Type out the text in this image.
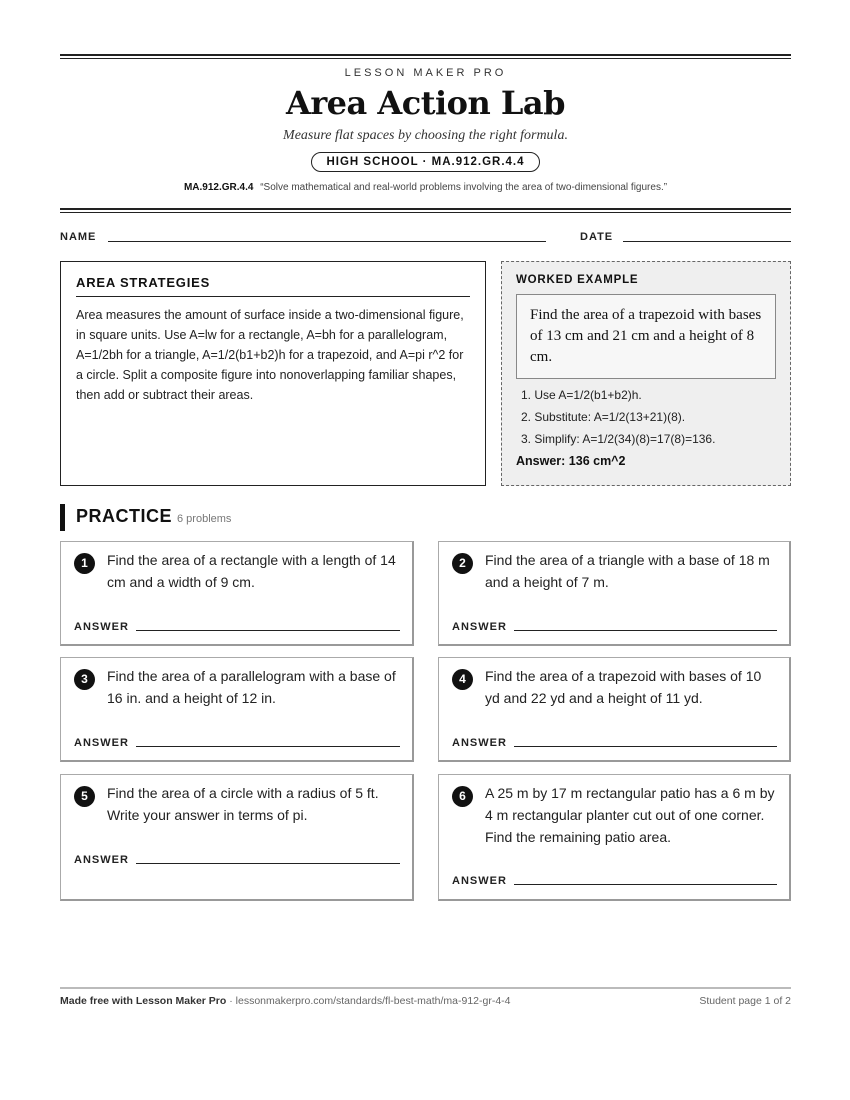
LESSON MAKER PRO
Area Action Lab
Measure flat spaces by choosing the right formula.
HIGH SCHOOL · MA.912.GR.4.4
MA.912.GR.4.4 “Solve mathematical and real-world problems involving the area of two-dimensional figures.”
NAME	DATE
AREA STRATEGIES
Area measures the amount of surface inside a two-dimensional figure, in square units. Use A=lw for a rectangle, A=bh for a parallelogram, A=1/2bh for a triangle, A=1/2(b1+b2)h for a trapezoid, and A=pi r^2 for a circle. Split a composite figure into nonoverlapping familiar shapes, then add or subtract their areas.
WORKED EXAMPLE
Find the area of a trapezoid with bases of 13 cm and 21 cm and a height of 8 cm.
1. Use A=1/2(b1+b2)h.
2. Substitute: A=1/2(13+21)(8).
3. Simplify: A=1/2(34)(8)=17(8)=136.
Answer: 136 cm^2
PRACTICE 6 problems
1	Find the area of a rectangle with a length of 14 cm and a width of 9 cm.
ANSWER
2	Find the area of a triangle with a base of 18 m and a height of 7 m.
ANSWER
3	Find the area of a parallelogram with a base of 16 in. and a height of 12 in.
ANSWER
4	Find the area of a trapezoid with bases of 10 yd and 22 yd and a height of 11 yd.
ANSWER
5	Find the area of a circle with a radius of 5 ft. Write your answer in terms of pi.
ANSWER
6	A 25 m by 17 m rectangular patio has a 6 m by 4 m rectangular planter cut out of one corner. Find the remaining patio area.
ANSWER
Made free with Lesson Maker Pro · lessonmakerpro.com/standards/fl-best-math/ma-912-gr-4-4	Student page 1 of 2
